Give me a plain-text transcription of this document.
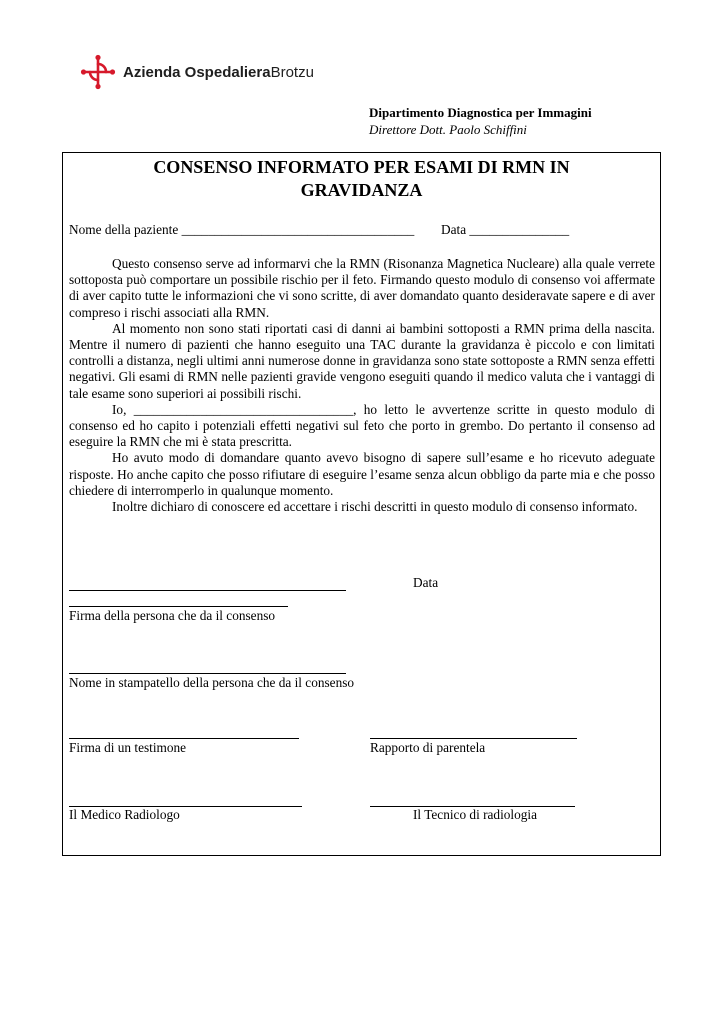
Azienda OspedalieraBrotzu
Dipartimento Diagnostica per Immagini
Direttore Dott. Paolo Schiffini
CONSENSO INFORMATO PER ESAMI DI RMN IN
GRAVIDANZA
Nome della paziente ___________________________________ Data _______________

Questo consenso serve ad informarvi che la RMN (Risonanza Magnetica Nucleare) alla quale verrete sottoposta può comportare un possibile rischio per il feto. Firmando questo modulo di consenso voi affermate di aver capito tutte le informazioni che vi sono scritte, di aver domandato quanto desideravate sapere e di aver compreso i rischi associati alla RMN.

Al momento non sono stati riportati casi di danni ai bambini sottoposti a RMN prima della nascita. Mentre il numero di pazienti che hanno eseguito una TAC durante la gravidanza è piccolo e con limitati controlli a distanza, negli ultimi anni numerose donne in gravidanza sono state sottoposte a RMN senza effetti negativi. Gli esami di RMN nelle pazienti gravide vengono eseguiti quando il medico valuta che i vantaggi di tale esame sono superiori ai possibili rischi.

Io, _________________________________, ho letto le avvertenze scritte in questo modulo di consenso ed ho capito i potenziali effetti negativi sul feto che porto in grembo. Do pertanto il consenso ad eseguire la RMN che mi è stata prescritta.

Ho avuto modo di domandare quanto avevo bisogno di sapere sull’esame e ho ricevuto adeguate risposte. Ho anche capito che posso rifiutare di eseguire l’esame senza alcun obbligo da parte mia e che posso chiedere di interromperlo in qualunque momento.

Inoltre dichiaro di conoscere ed accettare i rischi descritti in questo modulo di consenso informato.

Data
Firma della persona che da il consenso
Nome in stampatello della persona che da il consenso
Firma di un testimone	Rapporto di parentela
Il Medico Radiologo	Il Tecnico di radiologia
